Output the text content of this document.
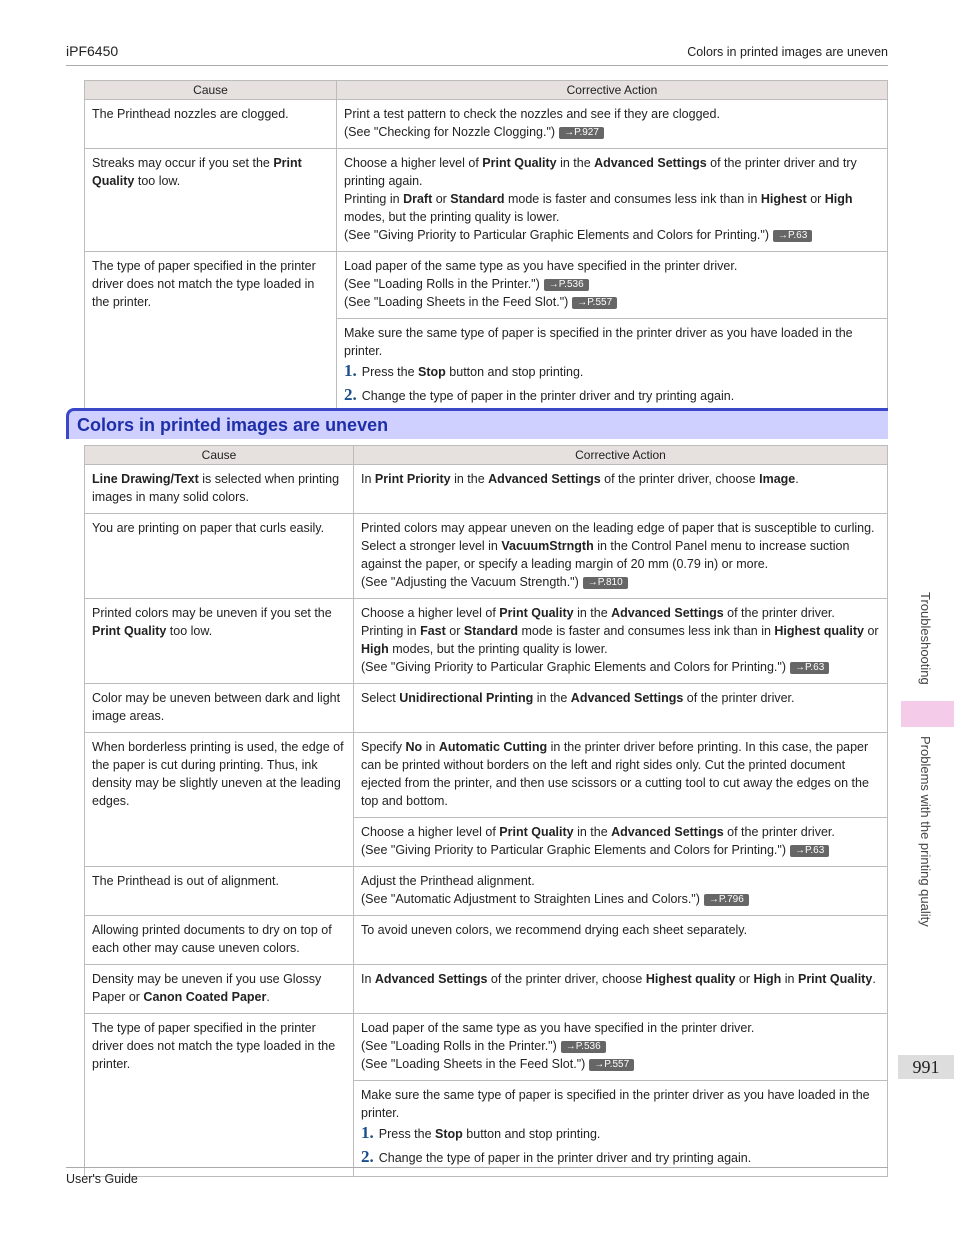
iPF6450	Colors in printed images are uneven
Cause	Corrective Action
The Printhead nozzles are clogged.	Print a test pattern to check the nozzles and see if they are clogged.

(See "Checking for Nozzle Clogging.") →P.927

Streaks may occur if you set the Print Quality too low.	Choose a higher level of Print Quality in the Advanced Settings of the printer driver and try printing again.

Printing in Draft or Standard mode is faster and consumes less ink than in Highest or High modes, but the printing quality is lower.

(See "Giving Priority to Particular Graphic Elements and Colors for Printing.") →P.63

The type of paper specified in the printer driver does not match the type loaded in the printer.	Load paper of the same type as you have specified in the printer driver.

(See "Loading Rolls in the Printer.") →P.536

(See "Loading Sheets in the Feed Slot.") →P.557

	Make sure the same type of paper is specified in the printer driver as you have loaded in the printer.

1. Press the Stop button and stop printing.

2. Change the type of paper in the printer driver and try printing again.

Colors in printed images are uneven
Cause	Corrective Action
Line Drawing/Text is selected when printing images in many solid colors.	In Print Priority in the Advanced Settings of the printer driver, choose Image.

You are printing on paper that curls easily.	Printed colors may appear uneven on the leading edge of paper that is susceptible to curling. Select a stronger level in VacuumStrngth in the Control Panel menu to increase suction against the paper, or specify a leading margin of 20 mm (0.79 in) or more.

(See "Adjusting the Vacuum Strength.") →P.810

Printed colors may be uneven if you set the Print Quality too low.	Choose a higher level of Print Quality in the Advanced Settings of the printer driver.

Printing in Fast or Standard mode is faster and consumes less ink than in Highest quality or High modes, but the printing quality is lower.

(See "Giving Priority to Particular Graphic Elements and Colors for Printing.") →P.63

Color may be uneven between dark and light image areas.	Select Unidirectional Printing in the Advanced Settings of the printer driver.

When borderless printing is used, the edge of the paper is cut during printing. Thus, ink density may be slightly uneven at the leading edges.	Specify No in Automatic Cutting in the printer driver before printing. In this case, the paper can be printed without borders on the left and right sides only. Cut the printed document ejected from the printer, and then use scissors or a cutting tool to cut away the edges on the top and bottom.

	Choose a higher level of Print Quality in the Advanced Settings of the printer driver.

(See "Giving Priority to Particular Graphic Elements and Colors for Printing.") →P.63

The Printhead is out of alignment.	Adjust the Printhead alignment.

(See "Automatic Adjustment to Straighten Lines and Colors.") →P.796

Allowing printed documents to dry on top of each other may cause uneven colors.	To avoid uneven colors, we recommend drying each sheet separately.

Density may be uneven if you use Glossy Paper or Canon Coated Paper.	In Advanced Settings of the printer driver, choose Highest quality or High in Print Quality.

The type of paper specified in the printer driver does not match the type loaded in the printer.	Load paper of the same type as you have specified in the printer driver.

(See "Loading Rolls in the Printer.") →P.536

(See "Loading Sheets in the Feed Slot.") →P.557

	Make sure the same type of paper is specified in the printer driver as you have loaded in the printer.

1. Press the Stop button and stop printing.

2. Change the type of paper in the printer driver and try printing again.

Troubleshooting
Problems with the printing quality
991
User's Guide
